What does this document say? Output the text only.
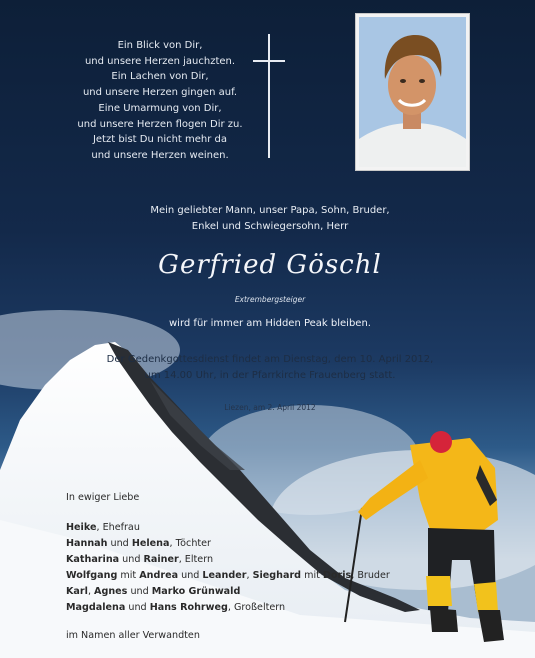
Ein Blick von Dir,
und unsere Herzen jauchzten.
Ein Lachen von Dir,
und unsere Herzen gingen auf.
Eine Umarmung von Dir,
und unsere Herzen flogen Dir zu.
Jetzt bist Du nicht mehr da
und unsere Herzen weinen.
Mein geliebter Mann, unser Papa, Sohn, Bruder,
Enkel und Schwiegersohn, Herr
Gerfried Göschl
Extrembergsteiger
wird für immer am Hidden Peak bleiben.
Der Gedenkgottesdienst findet am Dienstag, dem 10. April 2012,
um 14.00 Uhr, in der Pfarrkirche Frauenberg statt.
Liezen, am 2. April 2012
In ewiger Liebe
Heike, Ehefrau
Hannah und Helena, Töchter
Katharina und Rainer, Eltern
Wolfgang mit Andrea und Leander, Sieghard mit Doris, Bruder
Karl, Agnes und Marko Grünwald
Magdalena und Hans Rohrweg, Großeltern
im Namen aller Verwandten
